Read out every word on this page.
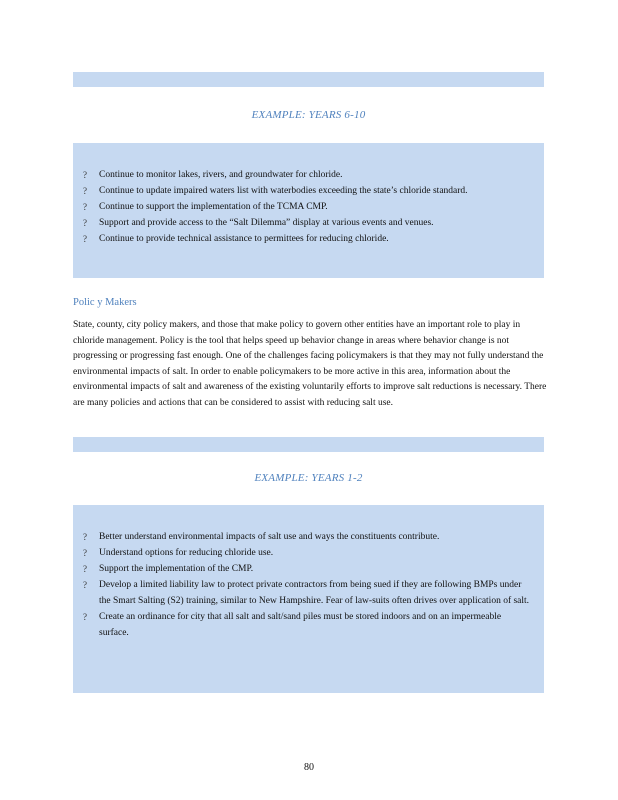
EXAMPLE: YEARS 6-10
? Continue to monitor lakes, rivers, and groundwater for chloride.
? Continue to update impaired waters list with waterbodies exceeding the state’s chloride standard.
? Continue to support the implementation of the TCMA CMP.
? Support and provide access to the “Salt Dilemma” display at various events and venues.
? Continue to provide technical assistance to permittees for reducing chloride.
Polic y Makers
State, county, city policy makers, and those that make policy to govern other entities have an important role to play in chloride management. Policy is the tool that helps speed up behavior change in areas where behavior change is not progressing or progressing fast enough. One of the challenges facing policymakers is that they may not fully understand the environmental impacts of salt. In order to enable policymakers to be more active in this area, information about the environmental impacts of salt and awareness of the existing voluntarily efforts to improve salt reductions is necessary. There are many policies and actions that can be considered to assist with reducing salt use.
EXAMPLE: YEARS 1-2
? Better understand environmental impacts of salt use and ways the constituents contribute.
? Understand options for reducing chloride use.
? Support the implementation of the CMP.
? Develop a limited liability law to protect private contractors from being sued if they are following BMPs under the Smart Salting (S2) training, similar to New Hampshire. Fear of law-suits often drives over application of salt.
? Create an ordinance for city that all salt and salt/sand piles must be stored indoors and on an impermeable surface.
80
